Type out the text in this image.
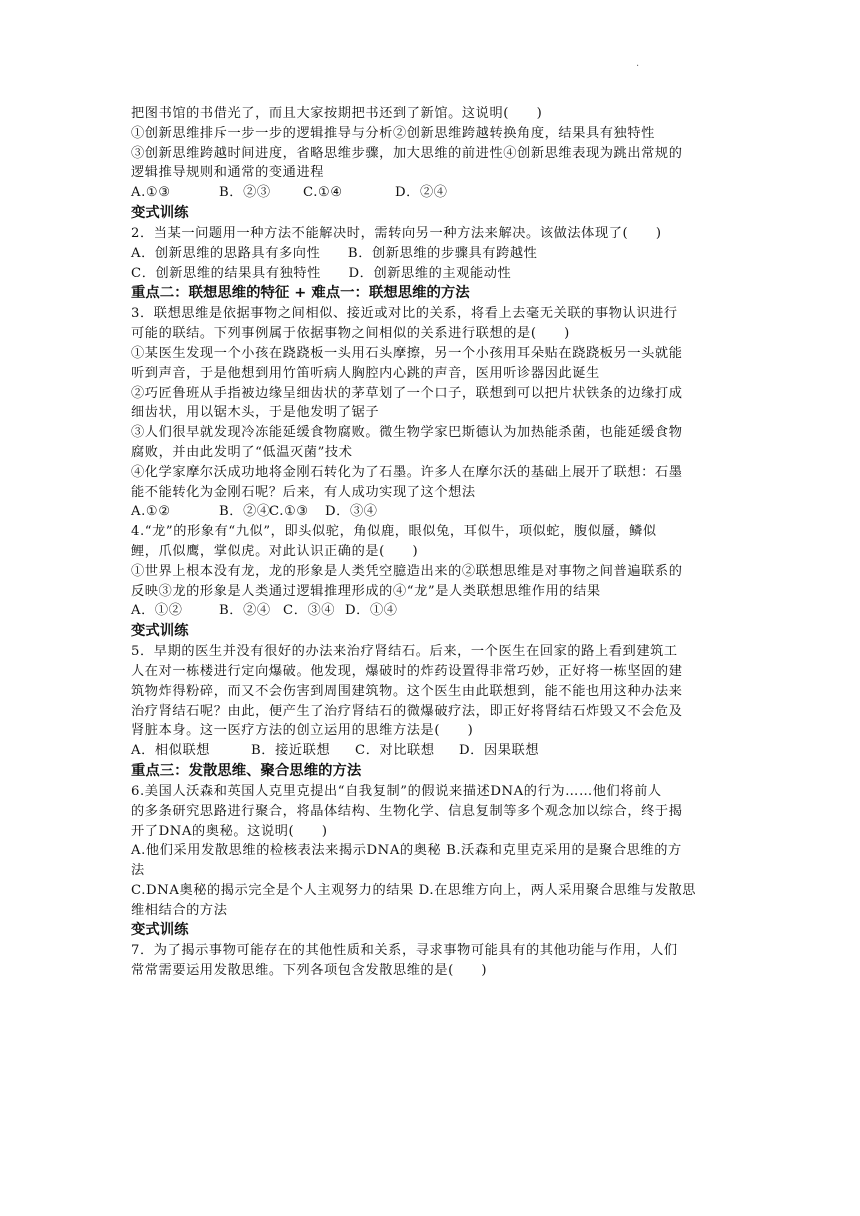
.
把图书馆的书借光了，而且大家按期把书还到了新馆。这说明(　　)
①创新思维排斥一步一步的逻辑推导与分析②创新思维跨越转换角度，结果具有独特性
③创新思维跨越时间进度，省略思维步骤，加大思维的前进性④创新思维表现为跳出常规的
逻辑推导规则和通常的变通进程
A.①③	B．②③	C.①④	D．②④
变式训练
2．当某一问题用一种方法不能解决时，需转向另一种方法来解决。该做法体现了(　　)
A．创新思维的思路具有多向性　　B．创新思维的步骤具有跨越性
C．创新思维的结果具有独特性　　D．创新思维的主观能动性
重点二：联想思维的特征 + 难点一：联想思维的方法
3．联想思维是依据事物之间相似、接近或对比的关系，将看上去毫无关联的事物认识进行
可能的联结。下列事例属于依据事物之间相似的关系进行联想的是(　　)
①某医生发现一个小孩在跷跷板一头用石头摩擦，另一个小孩用耳朵贴在跷跷板另一头就能
听到声音，于是他想到用竹笛听病人胸腔内心跳的声音，医用听诊器因此诞生
②巧匠鲁班从手指被边缘呈细齿状的茅草划了一个口子，联想到可以把片状铁条的边缘打成
细齿状，用以锯木头，于是他发明了锯子
③人们很早就发现冷冻能延缓食物腐败。微生物学家巴斯德认为加热能杀菌，也能延缓食物
腐败，并由此发明了“低温灭菌”技术
④化学家摩尔沃成功地将金刚石转化为了石墨。许多人在摩尔沃的基础上展开了联想：石墨
能不能转化为金刚石呢？后来，有人成功实现了这个想法
A.①②	B．②④
C.①③	D．③④
4.“龙”的形象有“九似”，即头似驼，角似鹿，眼似兔，耳似牛，项似蛇，腹似蜃，鳞似
鲤，爪似鹰，掌似虎。对此认识正确的是(　　)
①世界上根本没有龙，龙的形象是人类凭空臆造出来的②联想思维是对事物之间普遍联系的
反映③龙的形象是人类通过逻辑推理形成的④“龙”是人类联想思维作用的结果
A．①②	B．②④ C．③④ D．①④
变式训练
5．早期的医生并没有很好的办法来治疗肾结石。后来，一个医生在回家的路上看到建筑工
人在对一栋楼进行定向爆破。他发现，爆破时的炸药设置得非常巧妙，正好将一栋坚固的建
筑物炸得粉碎，而又不会伤害到周围建筑物。这个医生由此联想到，能不能也用这种办法来
治疗肾结石呢？由此，便产生了治疗肾结石的微爆破疗法，即正好将肾结石炸毁又不会危及
肾脏本身。这一医疗方法的创立运用的思维方法是(　　)
A．相似联想	B．接近联想	C．对比联想	D．因果联想
重点三：发散思维、聚合思维的方法
6.美国人沃森和英国人克里克提出“自我复制”的假说来描述DNA的行为……他们将前人
的多条研究思路进行聚合，将晶体结构、生物化学、信息复制等多个观念加以综合，终于揭
开了DNA的奥秘。这说明(　　)
A.他们采用发散思维的检核表法来揭示DNA的奥秘 B.沃森和克里克采用的是聚合思维的方
法
C.DNA奥秘的揭示完全是个人主观努力的结果 D.在思维方向上，两人采用聚合思维与发散思
维相结合的方法
变式训练
7．为了揭示事物可能存在的其他性质和关系，寻求事物可能具有的其他功能与作用，人们
常常需要运用发散思维。下列各项包含发散思维的是(　　)
